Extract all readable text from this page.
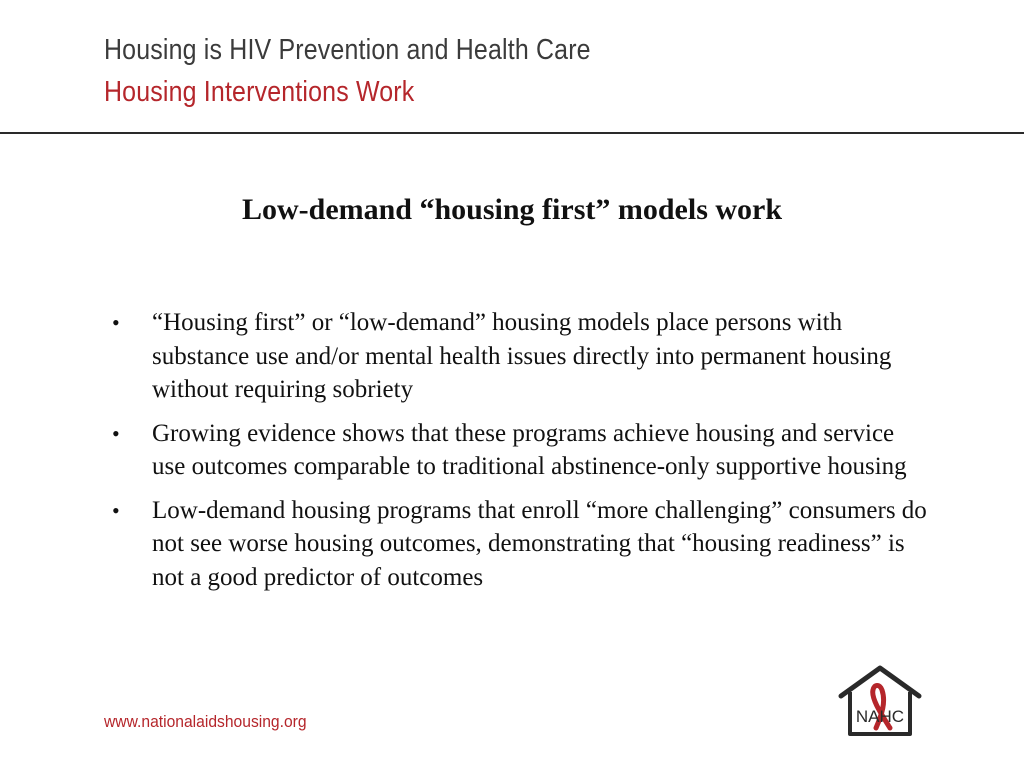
Housing is HIV Prevention and Health Care
Housing Interventions Work
Low-demand “housing first” models work
• “Housing first” or “low-demand” housing models place persons with substance use and/or mental health issues directly into permanent housing without requiring sobriety
• Growing evidence shows that these programs achieve housing and service use outcomes comparable to traditional abstinence-only supportive housing
• Low-demand housing programs that enroll “more challenging” consumers do not see worse housing outcomes, demonstrating that “housing readiness” is not a good predictor of outcomes
www.nationalaidshousing.org	NAHC
